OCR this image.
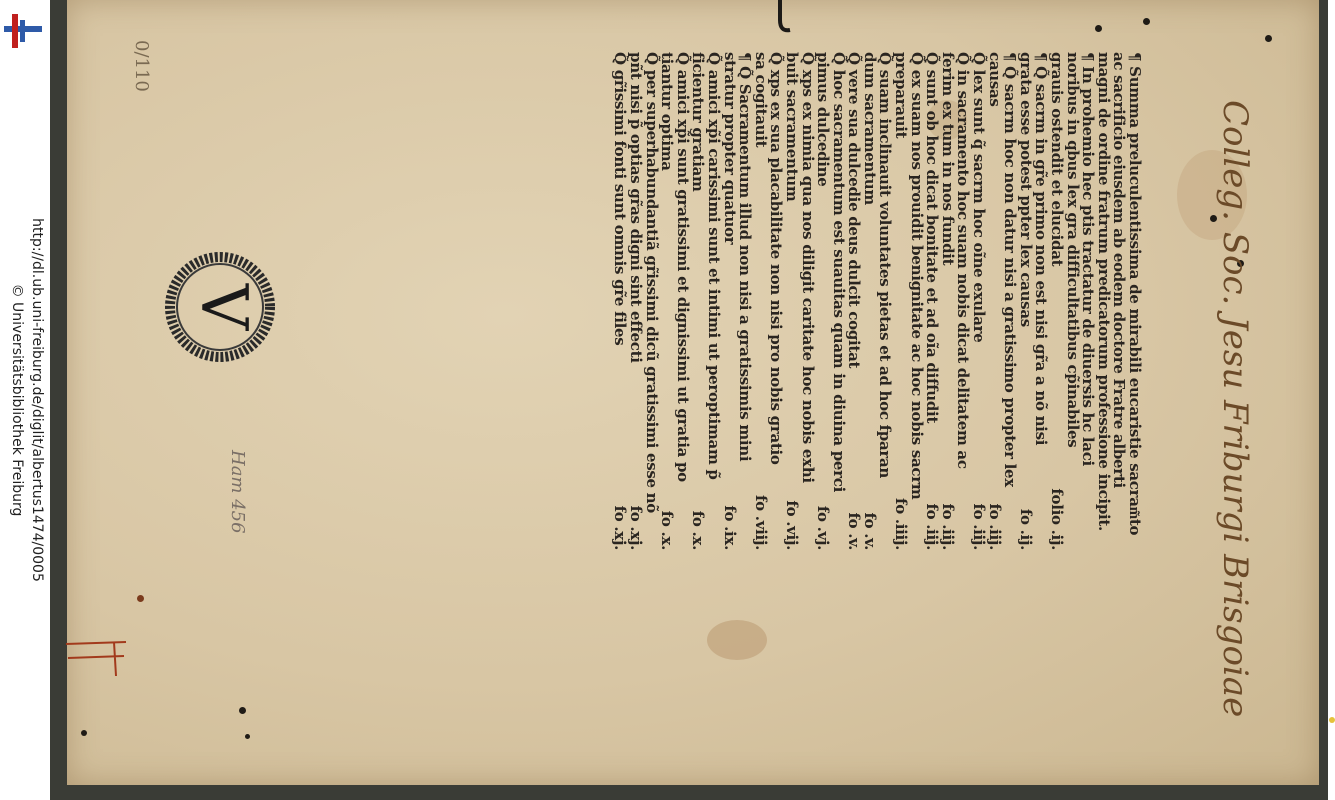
http://dl.ub.uni-freiburg.de/diglit/albertus1474/0005
© Universitätsbibliothek Freiburg
0/110
Ham 456
V	¶ Summa preluculentissima de mirabili eucaristie sacram͂to
ac sacrificio eiusdem ab eodem doctore Fratre alberti
magni de ordine fratrum predicatorum professione incipit.
¶ In prohemio hec ptis tractatur de diuersis hc laci
noribus in qbus lex gra difficultatibus cp̃inabiles
folio .ij.
grauis ostendit et elucidat
¶ Q̃ sacrm in gr̃e primo non est nisi gr̃a a nõ nisi
fo .ij.
grata esse potest ppter lex causas
¶ Q̃ sacrm hoc non datur nisi a gratissimo propter lex
fo .iij.
causas
fo .iij.
Q̃ lex sunt q̃ sacrm hoc oĩne exulare
Q̃ in sacramento hoc suam nobis dicat delitatem ac
fo .iij.
ferim ex tum in nos fundit
fo .iij.
Q̃ sunt ob hoc dicat bonitate et ad oĩa diffudit
Q̃ ex suam nos prouidit benignitate ac hoc nobis sacrm
fo .iiij.
preparauit
Q̃ suam inclinauit voluntates pietas et ad hoc fparan
fo .v.
dum sacramentum
fo .v.
Q̃ vere sua dulcedie deus dulcit cogitat
Q̃ hoc sacramentum est suauitas quam in diuina perci
fo .vj.
pimus dulcedine
Q̃ xps ex nimia qua nos diligit caritate hoc nobis exhi
fo .vij.
buit sacramentum
Q̃ xps ex sua placabilitate non nisi pro nobis gratio
fo .viij.
sa cogitauit
¶ Q̃ Sacramentum illud non nisi a gratissimis mini
fo .ix.
stratur propter quatuor
Q̃ amici xp̃i carissimi sunt et intimi ut peroptimam p̃
fo .x.
ficientur gratiam
Q̃ amici xp̃i sunt gratissimi et dignissimi ut gratia po
fo .x.
tiantur optima
Q̃ per superhabundantiã gr̃issimi dicũ gratissimi esse nõ
fo .xj.
pñt nisi p̃ optias gr̃as digni sint effecti
fo .xj.
Q̃ gr̃issimi fonti sunt omnis gr̃e files	Colleg. Soc. Jesu Friburgi Brisgoiae
